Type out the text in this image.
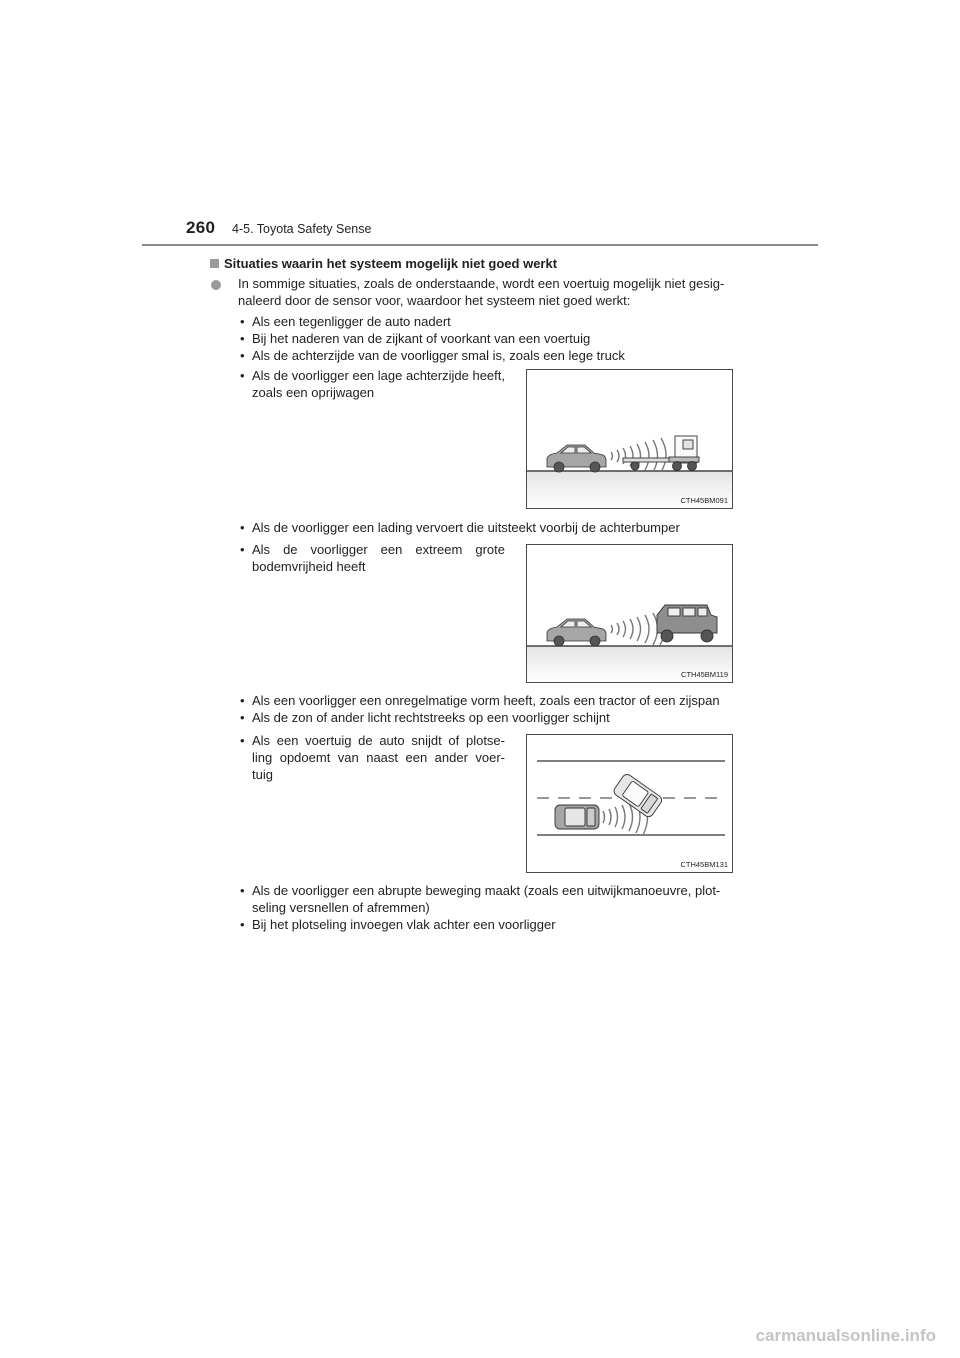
260 4-5. Toyota Safety Sense
Situaties waarin het systeem mogelijk niet goed werkt
In sommige situaties, zoals de onderstaande, wordt een voertuig mogelijk niet gesig- naleerd door de sensor voor, waardoor het systeem niet goed werkt:
• Als een tegenligger de auto nadert
• Bij het naderen van de zijkant of voorkant van een voertuig
• Als de achterzijde van de voorligger smal is, zoals een lege truck
• Als de voorligger een lage achterzijde heeft, zoals een oprijwagen
CTH45BM091
• Als de voorligger een lading vervoert die uitsteekt voorbij de achterbumper
• Als de voorligger een extreem grote bodemvrijheid heeft
CTH45BM119
• Als een voorligger een onregelmatige vorm heeft, zoals een tractor of een zijspan
• Als de zon of ander licht rechtstreeks op een voorligger schijnt
• Als een voertuig de auto snijdt of plotse- ling opdoemt van naast een ander voer- tuig
CTH45BM131
• Als de voorligger een abrupte beweging maakt (zoals een uitwijkmanoeuvre, plot- seling versnellen of afremmen)
• Bij het plotseling invoegen vlak achter een voorligger
carmanualsonline.info
